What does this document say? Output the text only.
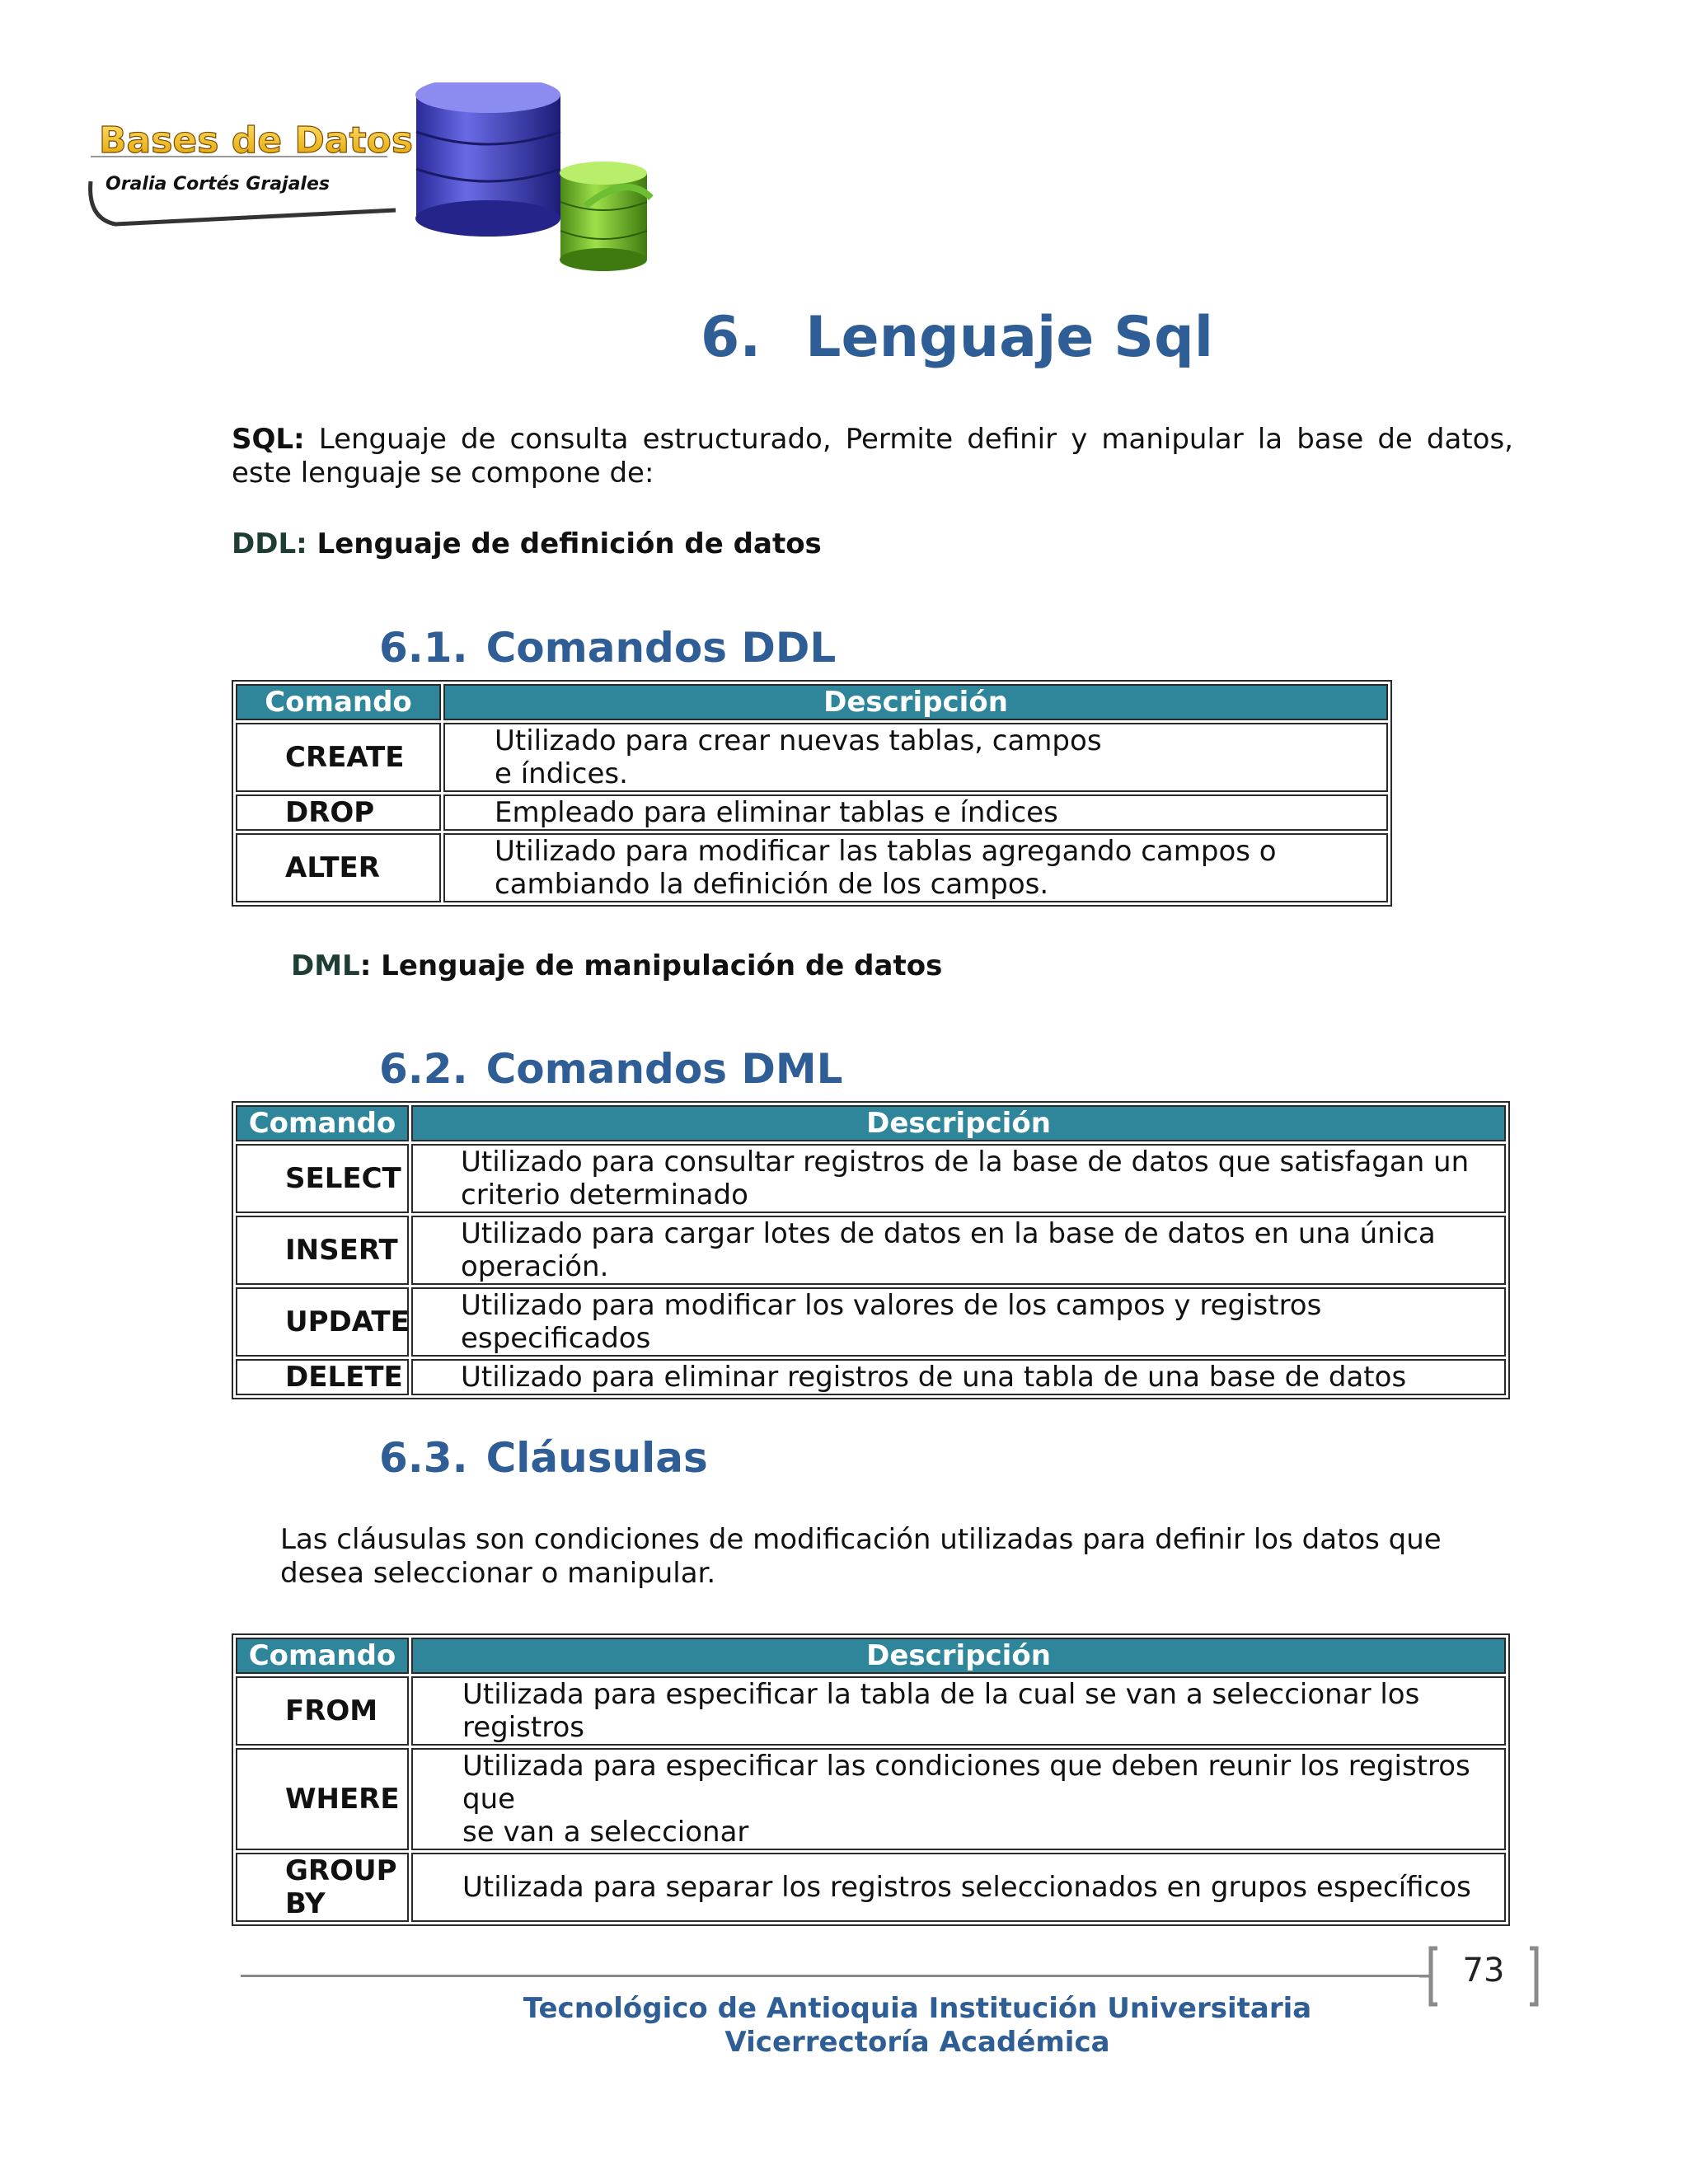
Bases de Datos
Oralia Cortés Grajales
6. Lenguaje Sql

SQL: Lenguaje de consulta estructurado, Permite definir y manipular la base de datos, este lenguaje se compone de:

DDL: Lenguaje de definición de datos

6.1. Comandos DDL
Comando	Descripción
CREATE	Utilizado para crear nuevas tablas, campos
e índices.
DROP	Empleado para eliminar tablas e índices
ALTER	Utilizado para modificar las tablas agregando campos o
cambiando la definición de los campos.

DML: Lenguaje de manipulación de datos

6.2. Comandos DML
Comando	Descripción
SELECT	Utilizado para consultar registros de la base de datos que satisfagan un
criterio determinado
INSERT	Utilizado para cargar lotes de datos en la base de datos en una única
operación.
UPDATE	Utilizado para modificar los valores de los campos y registros especificados
DELETE	Utilizado para eliminar registros de una tabla de una base de datos
6.3. Cláusulas

Las cláusulas son condiciones de modificación utilizadas para definir los datos que desea seleccionar o manipular.

Comando	Descripción
FROM	Utilizada para especificar la tabla de la cual se van a seleccionar los
registros
WHERE	Utilizada para especificar las condiciones que deben reunir los registros que
se van a seleccionar
GROUP
BY	Utilizada para separar los registros seleccionados en grupos específicos
73
Tecnológico de Antioquia Institución Universitaria
Vicerrectoría Académica
